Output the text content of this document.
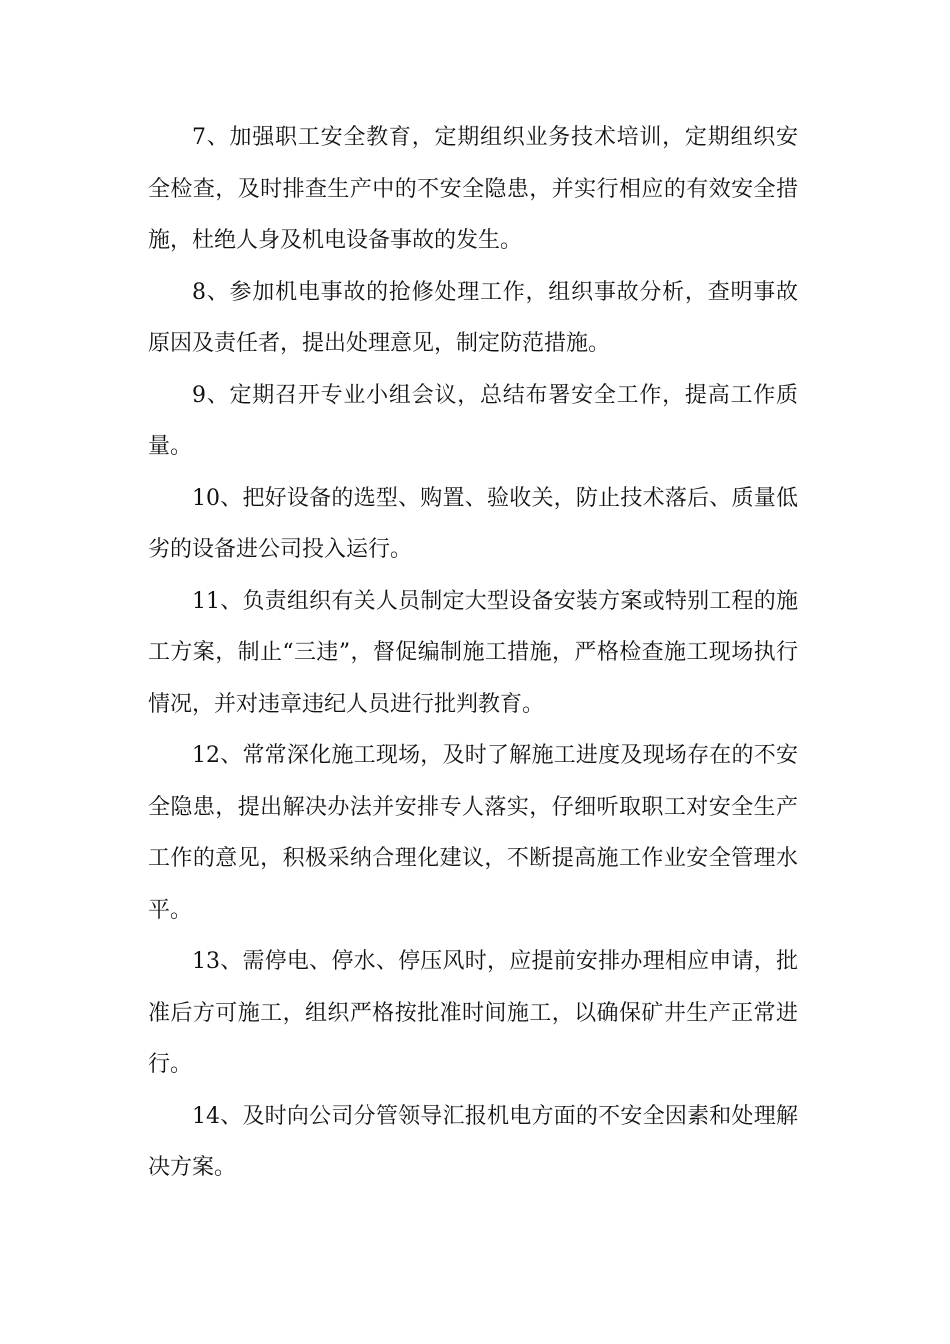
7、加强职工安全教育，定期组织业务技术培训，定期组织安全检查，及时排查生产中的不安全隐患，并实行相应的有效安全措施，杜绝人身及机电设备事故的发生。

8、参加机电事故的抢修处理工作，组织事故分析，查明事故原因及责任者，提出处理意见，制定防范措施。

9、定期召开专业小组会议，总结布署安全工作，提高工作质量。

10、把好设备的选型、购置、验收关，防止技术落后、质量低劣的设备进公司投入运行。

11、负责组织有关人员制定大型设备安装方案或特别工程的施工方案，制止“三违”，督促编制施工措施，严格检查施工现场执行情况，并对违章违纪人员进行批判教育。

12、常常深化施工现场，及时了解施工进度及现场存在的不安全隐患，提出解决办法并安排专人落实，仔细听取职工对安全生产工作的意见，积极采纳合理化建议，不断提高施工作业安全管理水平。

13、需停电、停水、停压风时，应提前安排办理相应申请，批准后方可施工，组织严格按批准时间施工，以确保矿井生产正常进行。

14、及时向公司分管领导汇报机电方面的不安全因素和处理解决方案。
